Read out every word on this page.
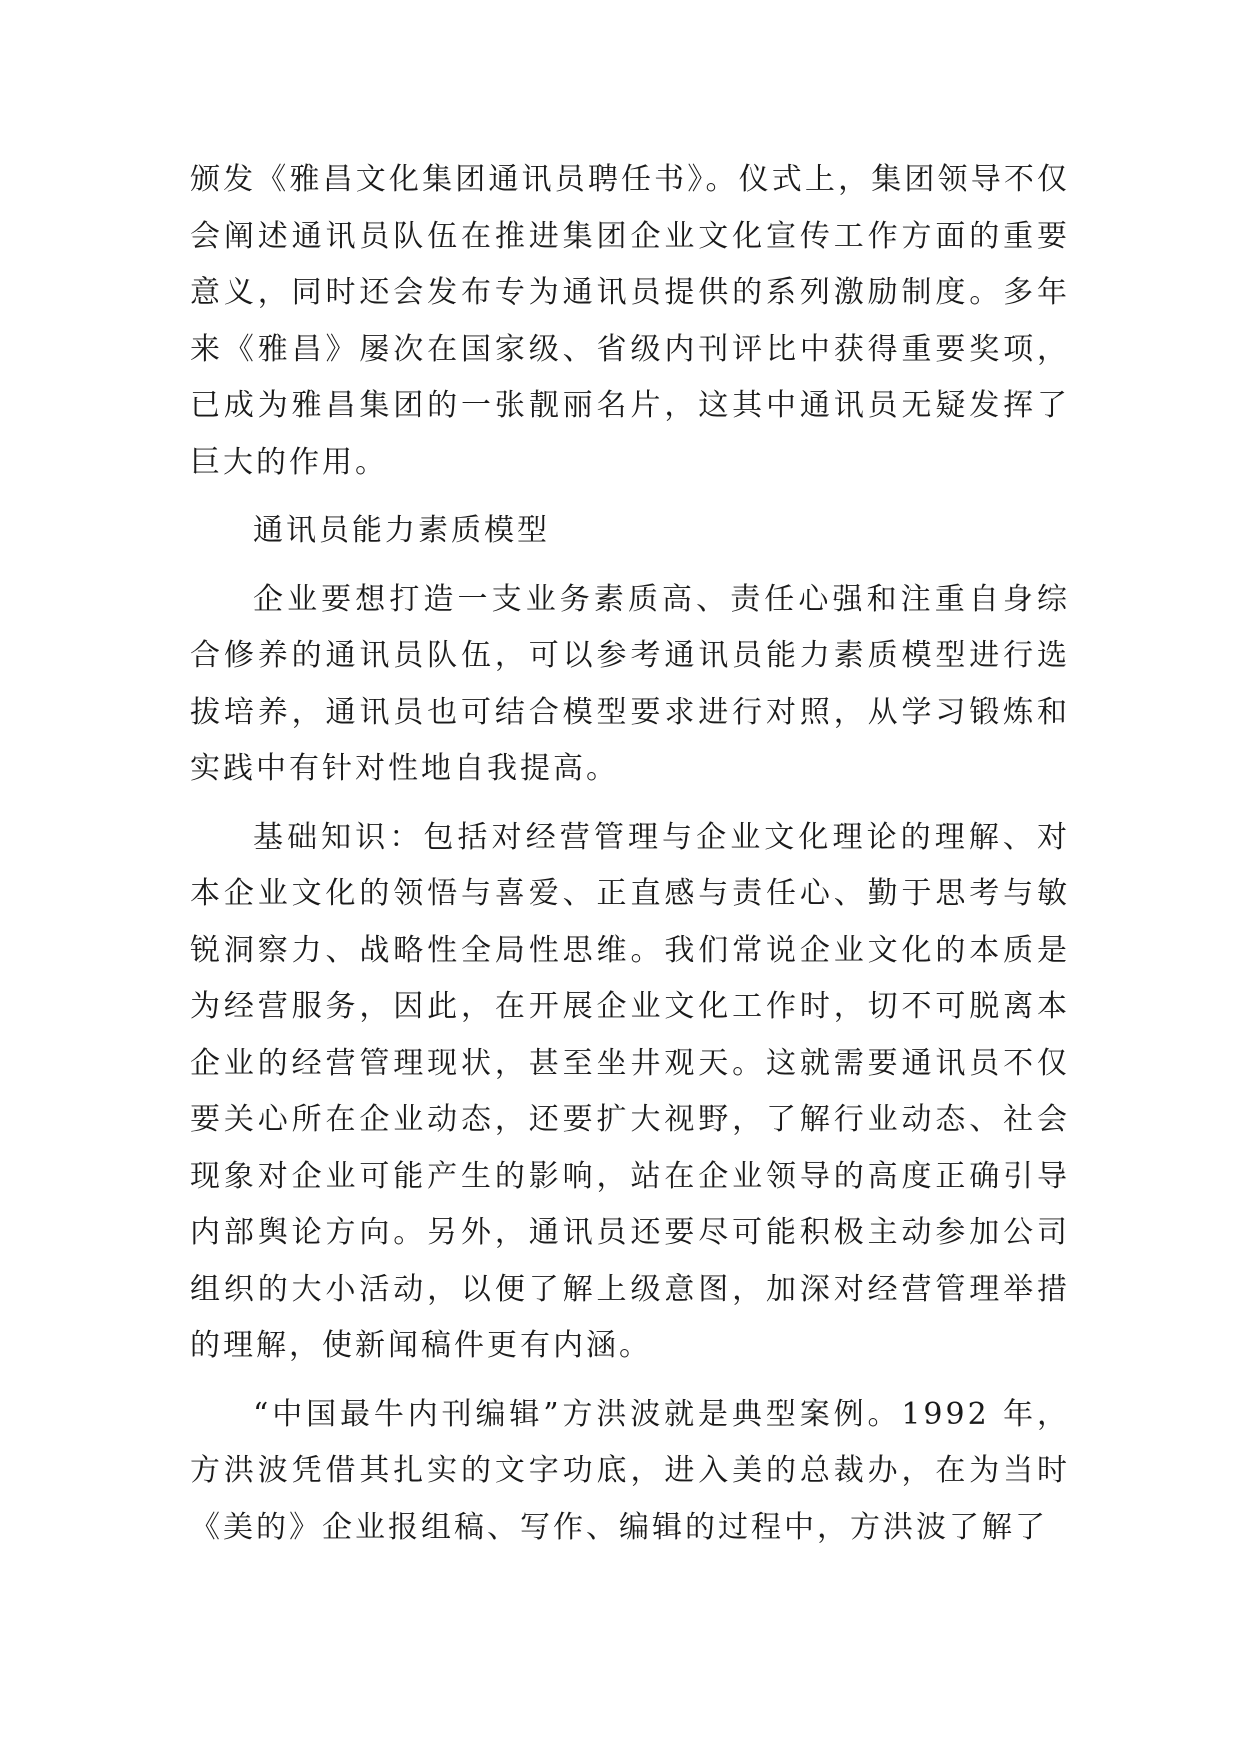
颁发《雅昌文化集团通讯员聘任书》。仪式上，集团领导不仅会阐述通讯员队伍在推进集团企业文化宣传工作方面的重要意义，同时还会发布专为通讯员提供的系列激励制度。多年来《雅昌》屡次在国家级、省级内刊评比中获得重要奖项，已成为雅昌集团的一张靓丽名片，这其中通讯员无疑发挥了巨大的作用。

通讯员能力素质模型

企业要想打造一支业务素质高、责任心强和注重自身综合修养的通讯员队伍，可以参考通讯员能力素质模型进行选拔培养，通讯员也可结合模型要求进行对照，从学习锻炼和实践中有针对性地自我提高。

基础知识：包括对经营管理与企业文化理论的理解、对本企业文化的领悟与喜爱、正直感与责任心、勤于思考与敏锐洞察力、战略性全局性思维。我们常说企业文化的本质是为经营服务，因此，在开展企业文化工作时，切不可脱离本企业的经营管理现状，甚至坐井观天。这就需要通讯员不仅要关心所在企业动态，还要扩大视野，了解行业动态、社会现象对企业可能产生的影响，站在企业领导的高度正确引导内部舆论方向。另外，通讯员还要尽可能积极主动参加公司组织的大小活动，以便了解上级意图，加深对经营管理举措的理解，使新闻稿件更有内涵。

“中国最牛内刊编辑”方洪波就是典型案例。1992 年，方洪波凭借其扎实的文字功底，进入美的总裁办，在为当时《美的》企业报组稿、写作、编辑的过程中，方洪波了解了
